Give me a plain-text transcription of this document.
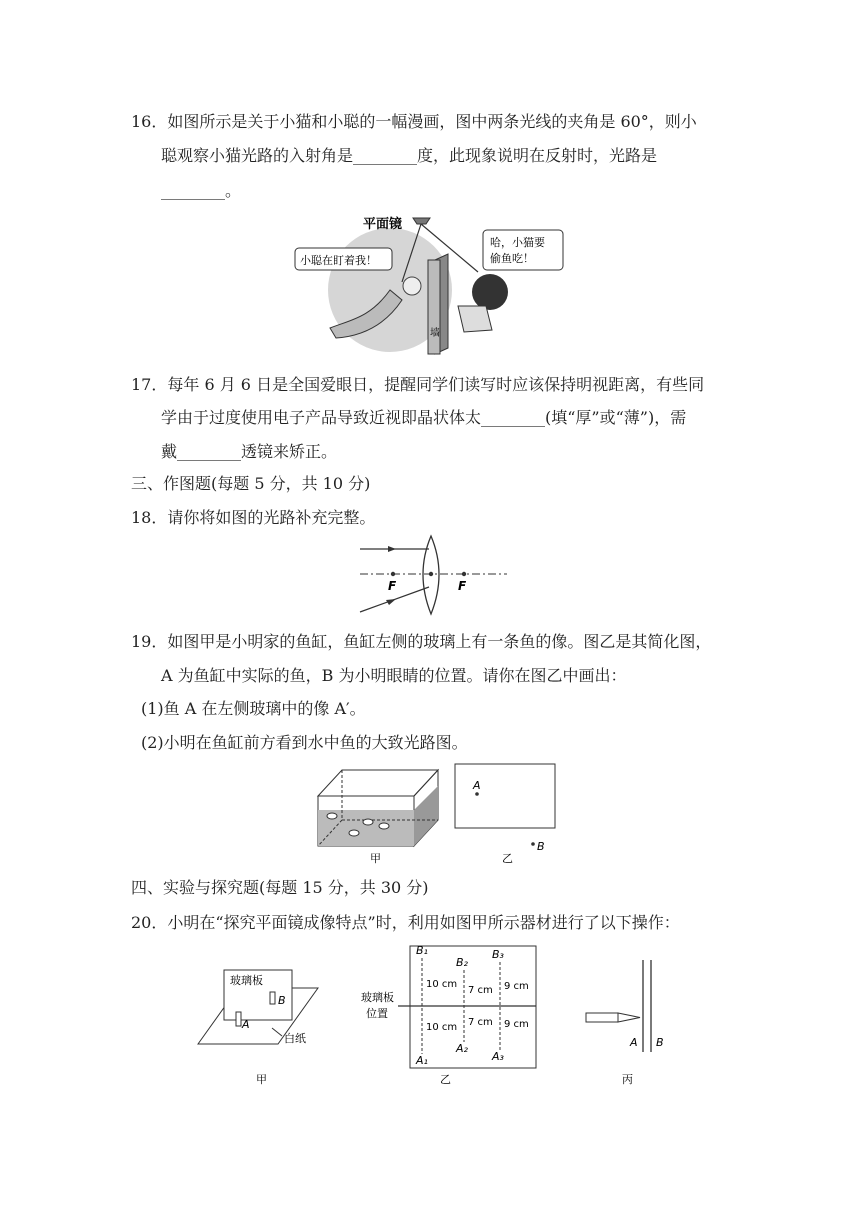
16．如图所示是关于小猫和小聪的一幅漫画，图中两条光线的夹角是 60°，则小
聪观察小猫光路的入射角是________度，此现象说明在反射时，光路是
________。
平面镜
小聪在盯着我！
哈，小猫要
偷鱼吃！
墙
17．每年 6 月 6 日是全国爱眼日，提醒同学们读写时应该保持明视距离，有些同
学由于过度使用电子产品导致近视即晶状体太________(填“厚”或“薄”)，需
戴________透镜来矫正。
三、作图题(每题 5 分，共 10 分)
18．请你将如图的光路补充完整。
F	F
19．如图甲是小明家的鱼缸，鱼缸左侧的玻璃上有一条鱼的像。图乙是其简化图，
A 为鱼缸中实际的鱼，B 为小明眼睛的位置。请你在图乙中画出：
(1)鱼 A 在左侧玻璃中的像 A′。
(2)小明在鱼缸前方看到水中鱼的大致光路图。
甲
A
B
乙
四、实验与探究题(每题 15 分，共 30 分)
20．小明在“探究平面镜成像特点”时，利用如图甲所示器材进行了以下操作：
玻璃板
A
B
白纸
甲
玻璃板
位置
B₁
B₂
B₃
A₁
A₂
A₃
10 cm
10 cm
7 cm
7 cm
9 cm
9 cm
乙
A B
丙
